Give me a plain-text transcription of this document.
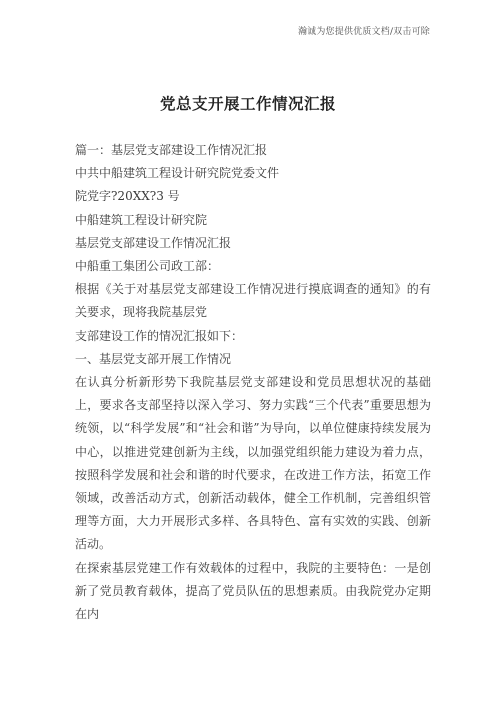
瀚诚为您提供优质文档/双击可除
党总支开展工作情况汇报
篇一：基层党支部建设工作情况汇报
中共中船建筑工程设计研究院党委文件
院党字?20XX?3 号
中船建筑工程设计研究院
基层党支部建设工作情况汇报
中船重工集团公司政工部：
根据《关于对基层党支部建设工作情况进行摸底调查的通知》的有关要求，现将我院基层党
支部建设工作的情况汇报如下：
一、基层党支部开展工作情况
在认真分析新形势下我院基层党支部建设和党员思想状况的基础上，要求各支部坚持以深入学习、努力实践“三个代表”重要思想为统领，以“科学发展”和“社会和谐”为导向，以单位健康持续发展为中心，以推进党建创新为主线，以加强党组织能力建设为着力点，按照科学发展和社会和谐的时代要求，在改进工作方法，拓宽工作领域，改善活动方式，创新活动载体，健全工作机制，完善组织管理等方面，大力开展形式多样、各具特色、富有实效的实践、创新活动。
在探索基层党建工作有效载体的过程中，我院的主要特色：一是创新了党员教育载体，提高了党员队伍的思想素质。由我院党办定期在内
